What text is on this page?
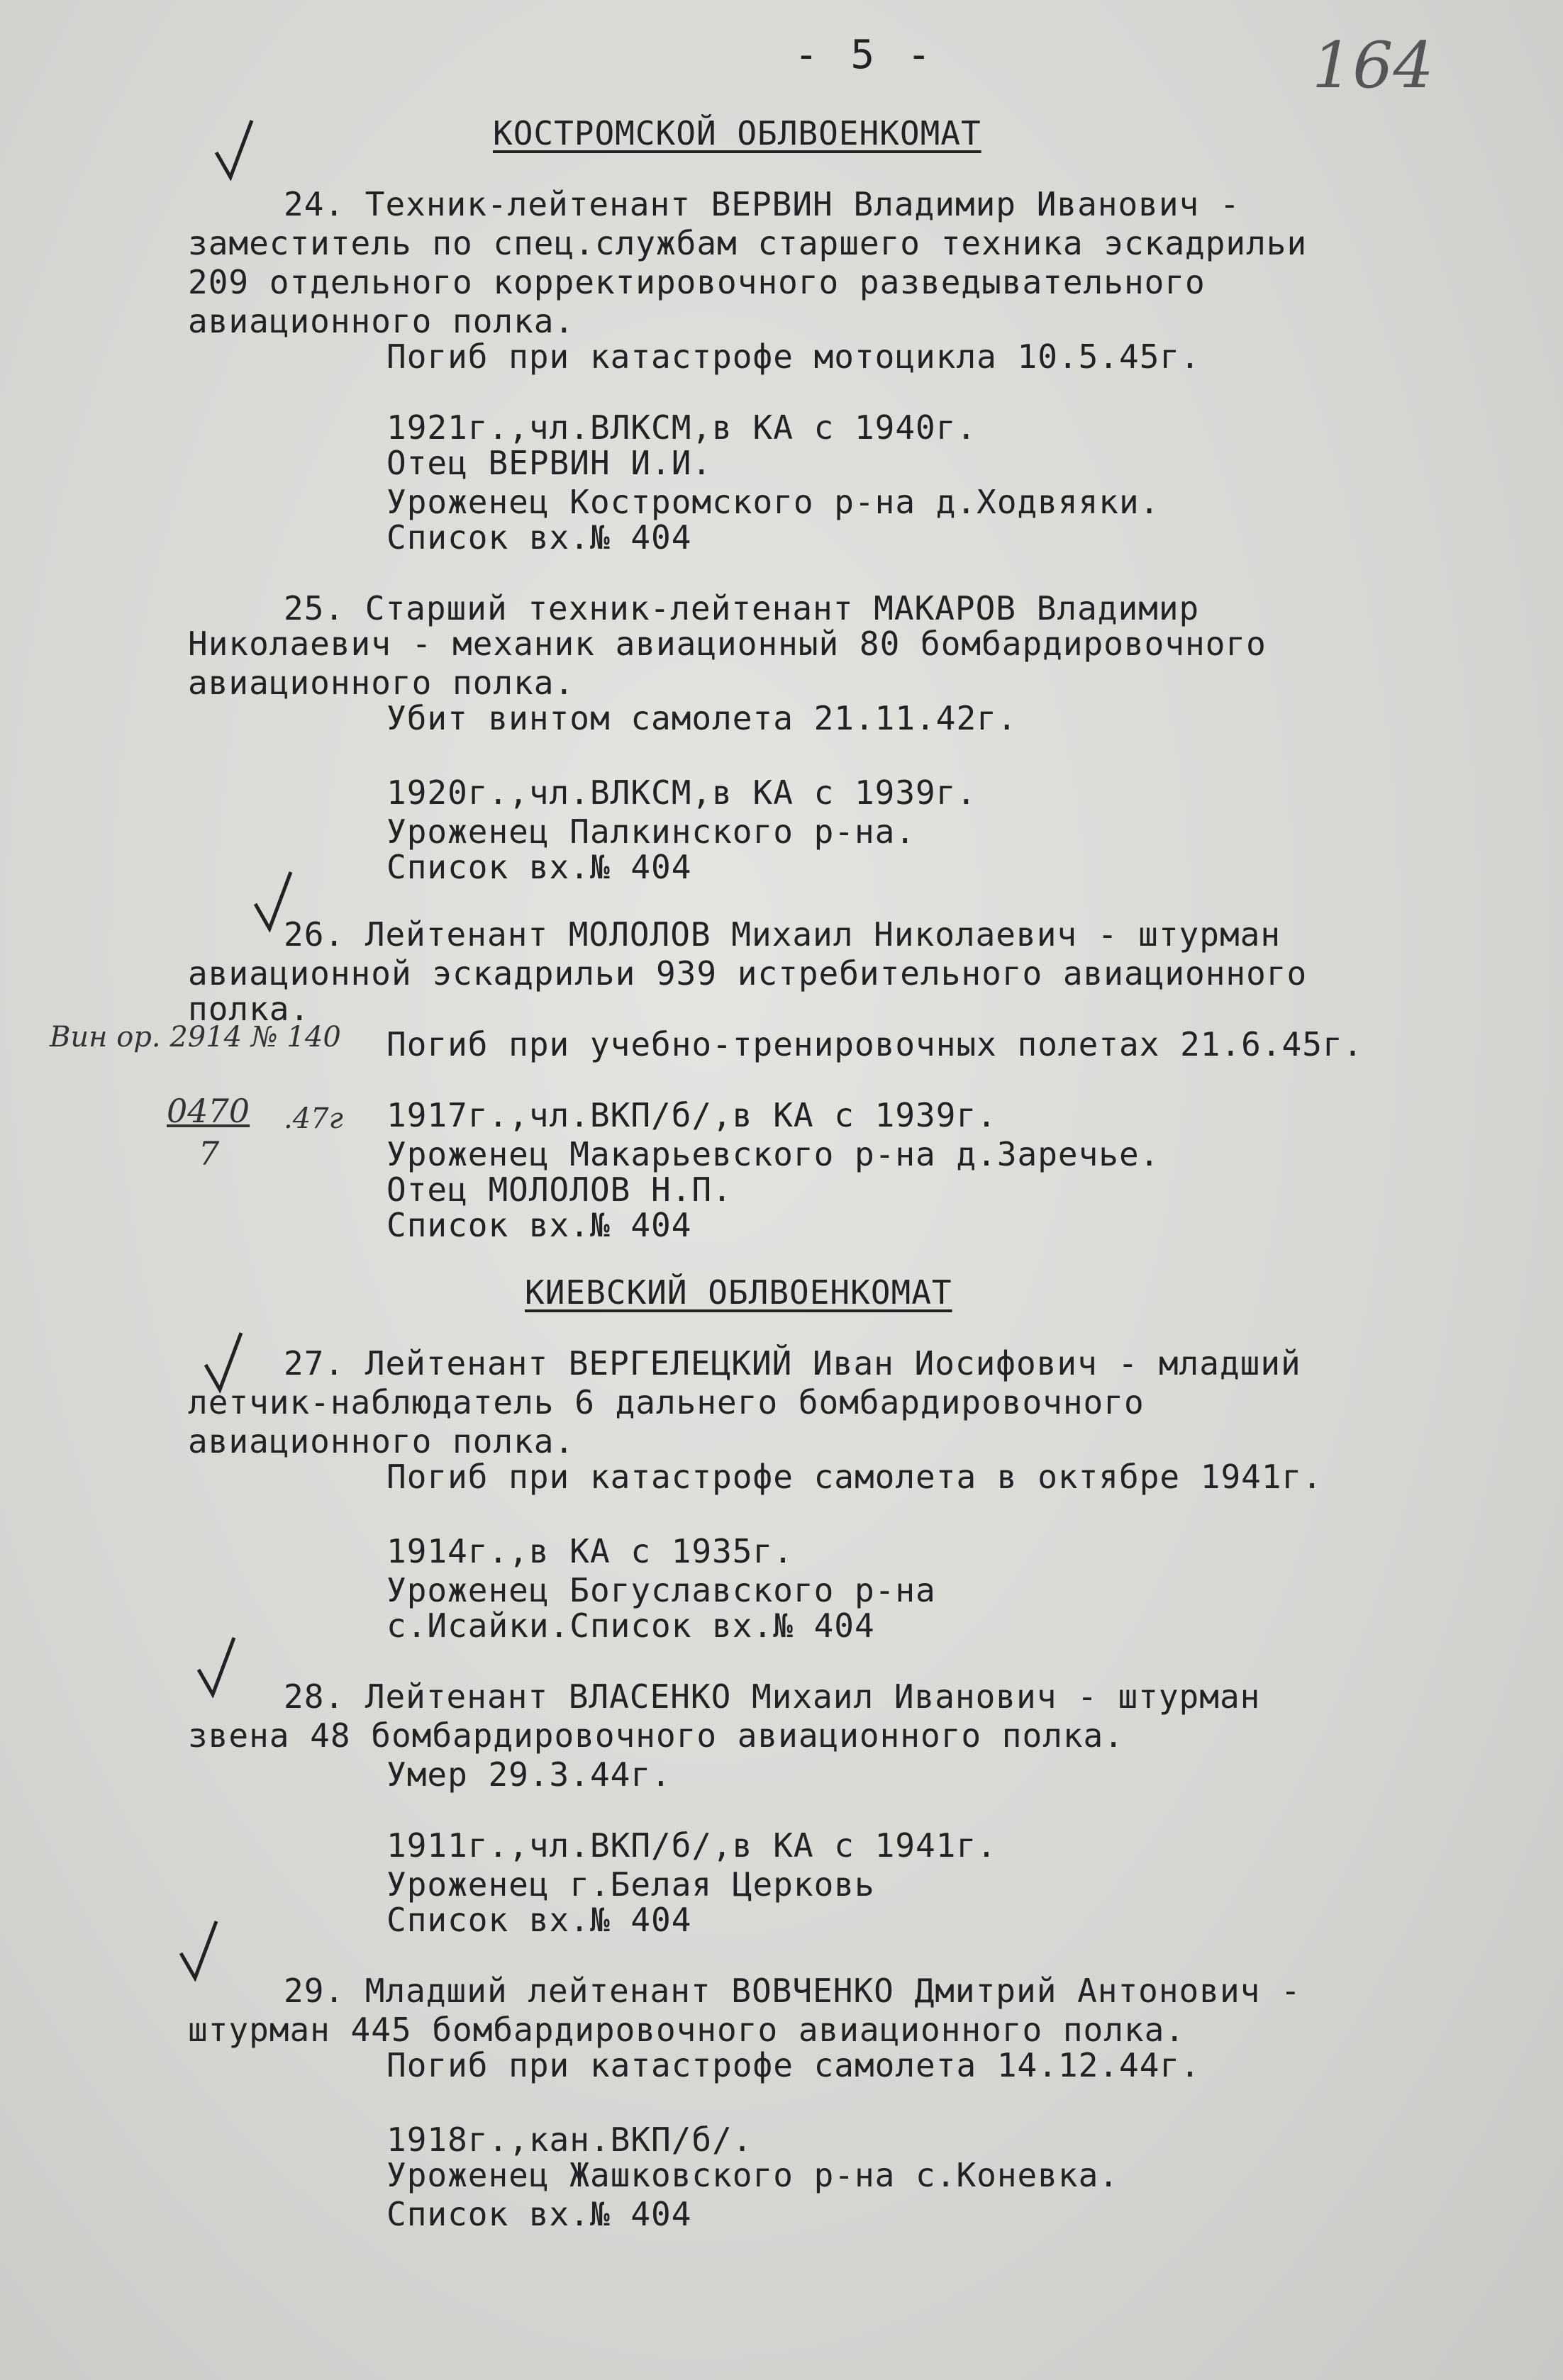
- 5 -	164
КОСТРОМСКОЙ ОБЛВОЕНКОМАТ
24. Техник-лейтенант ВЕРВИН Владимир Иванович -
заместитель по спец.службам старшего техника эскадрильи
209 отдельного корректировочного разведывательного
авиационного полка.
Погиб при катастрофе мотоцикла 10.5.45г.
1921г.,чл.ВЛКСМ,в КА с 1940г.
Отец ВЕРВИН И.И.
Уроженец Костромского р-на д.Ходвяяки.
Список вх.№ 404
25. Старший техник-лейтенант МАКАРОВ Владимир
Николаевич - механик авиационный 80 бомбардировочного
авиационного полка.
Убит винтом самолета 21.11.42г.
1920г.,чл.ВЛКСМ,в КА с 1939г.
Уроженец Палкинского р-на.
Список вх.№ 404
26. Лейтенант МОЛОЛОВ Михаил Николаевич - штурман
авиационной эскадрильи 939 истребительного авиационного
полка.
Погиб при учебно-тренировочных полетах 21.6.45г.
1917г.,чл.ВКП/б/,в КА с 1939г.
Уроженец Макарьевского р-на д.Заречье.
Отец МОЛОЛОВ Н.П.
Список вх.№ 404
Вин ор. 2914 № 140
0470 .47г
7
КИЕВСКИЙ ОБЛВОЕНКОМАТ
27. Лейтенант ВЕРГЕЛЕЦКИЙ Иван Иосифович - младший
летчик-наблюдатель 6 дальнего бомбардировочного
авиационного полка.
Погиб при катастрофе самолета в октябре 1941г.
1914г.,в КА с 1935г.
Уроженец Богуславского р-на
с.Исайки.Список вх.№ 404
28. Лейтенант ВЛАСЕНКО Михаил Иванович - штурман
звена 48 бомбардировочного авиационного полка.
Умер 29.3.44г.
1911г.,чл.ВКП/б/,в КА с 1941г.
Уроженец г.Белая Церковь
Список вх.№ 404
29. Младший лейтенант ВОВЧЕНКО Дмитрий Антонович -
штурман 445 бомбардировочного авиационного полка.
Погиб при катастрофе самолета 14.12.44г.
1918г.,кан.ВКП/б/.
Уроженец Жашковского р-на с.Коневка.
Список вх.№ 404
